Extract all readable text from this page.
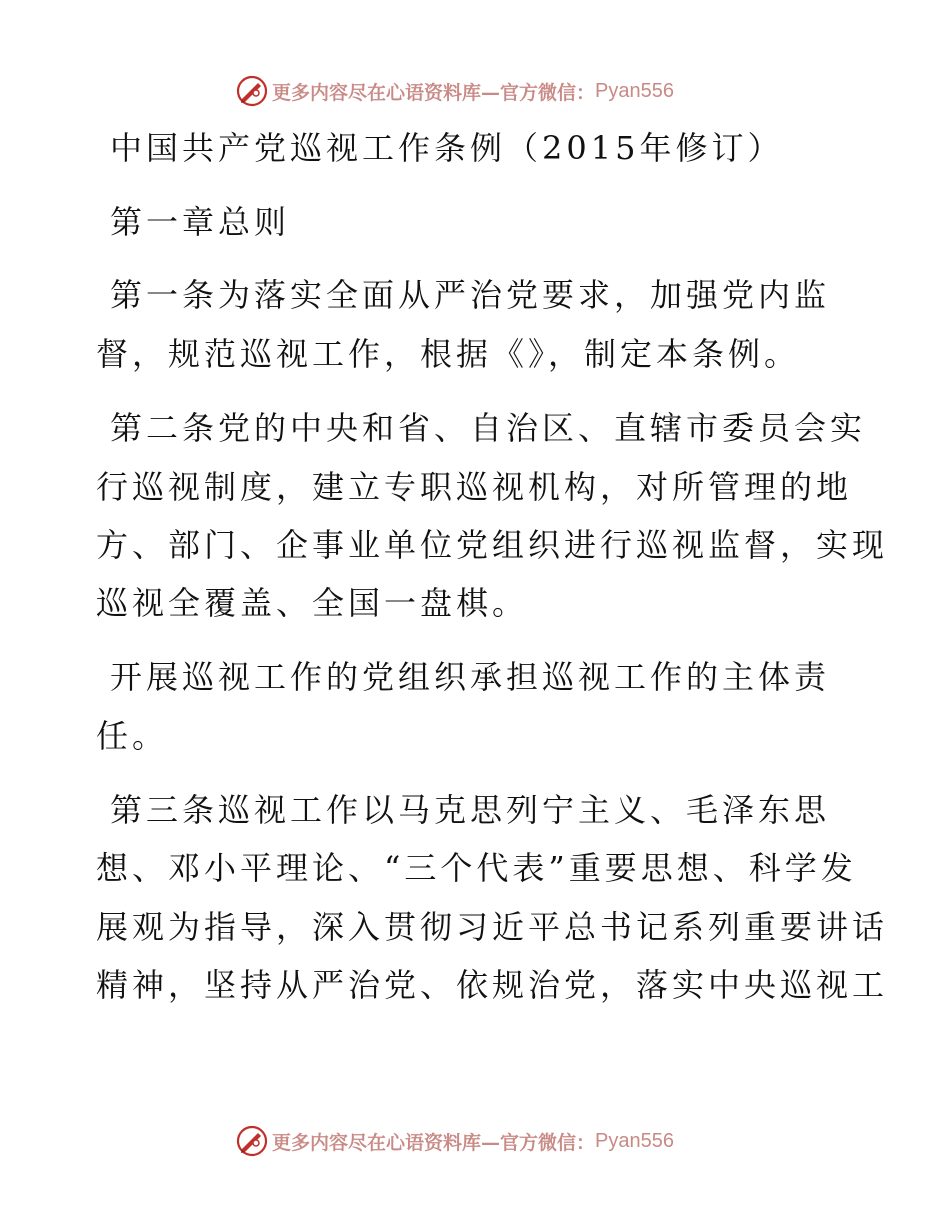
更多内容尽在心语资料库—官方微信： Pyan556
中国共产党巡视工作条例（2015年修订）
第一章总则
第一条为落实全面从严治党要求，加强党内监
督，规范巡视工作，根据《》，制定本条例。
第二条党的中央和省、自治区、直辖市委员会实
行巡视制度，建立专职巡视机构，对所管理的地
方、部门、企事业单位党组织进行巡视监督，实现
巡视全覆盖、全国一盘棋。
开展巡视工作的党组织承担巡视工作的主体责
任。
第三条巡视工作以马克思列宁主义、毛泽东思
想、邓小平理论、“三个代表”重要思想、科学发
展观为指导，深入贯彻习近平总书记系列重要讲话
精神，坚持从严治党、依规治党，落实中央巡视工
更多内容尽在心语资料库—官方微信： Pyan556
